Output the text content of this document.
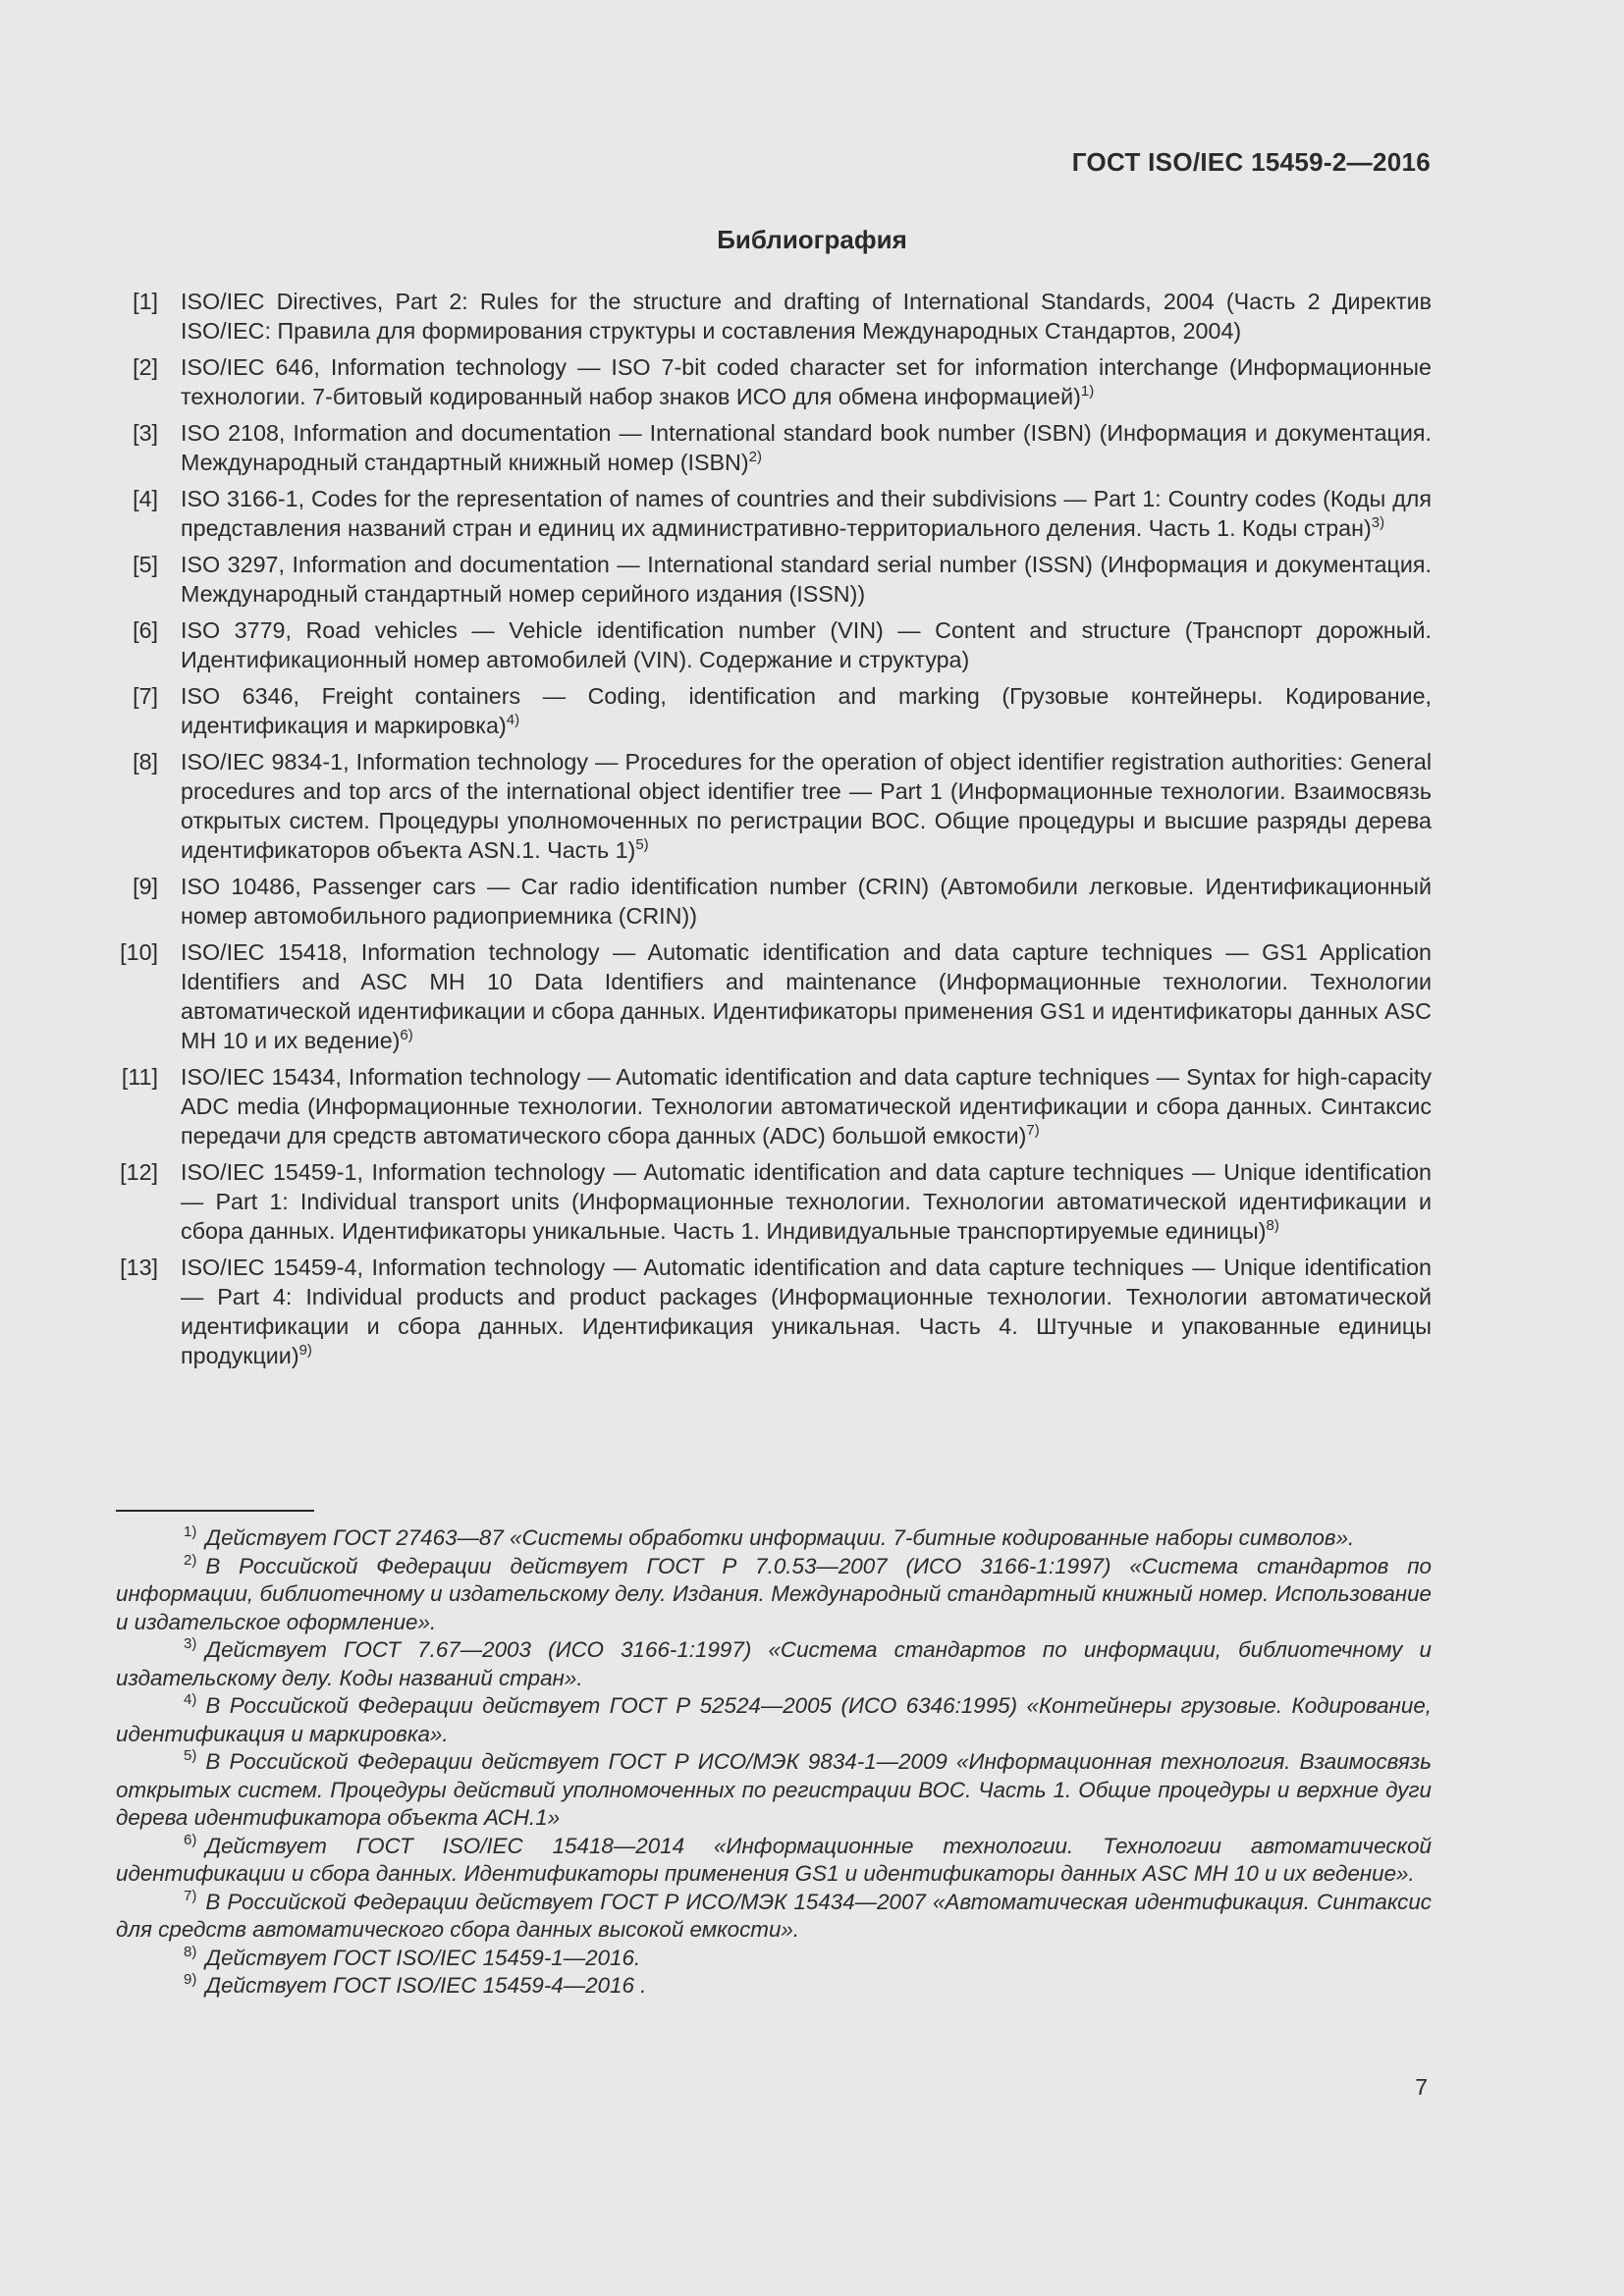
ГОСТ ISO/IEC 15459-2—2016
Библиография
[1] ISO/IEC Directives, Part 2: Rules for the structure and drafting of International Standards, 2004 (Часть 2 Директив ISO/IEC: Правила для формирования структуры и составления Международных Стандартов, 2004)
[2] ISO/IEC 646, Information technology — ISO 7-bit coded character set for information interchange (Информационные технологии. 7-битовый кодированный набор знаков ИСО для обмена информацией)$^{1)}$
[3] ISO 2108, Information and documentation — International standard book number (ISBN) (Информация и документация. Международный стандартный книжный номер (ISBN)$^{2)}$
[4] ISO 3166-1, Codes for the representation of names of countries and their subdivisions — Part 1: Country codes (Коды для представления названий стран и единиц их административно-территориального деления. Часть 1. Коды стран)$^{3)}$
[5] ISO 3297, Information and documentation — International standard serial number (ISSN) (Информация и документация. Международный стандартный номер серийного издания (ISSN))
[6] ISO 3779, Road vehicles — Vehicle identification number (VIN) — Content and structure (Транспорт дорожный. Идентификационный номер автомобилей (VIN). Содержание и структура)
[7] ISO 6346, Freight containers — Coding, identification and marking (Грузовые контейнеры. Кодирование, идентификация и маркировка)$^{4)}$
[8] ISO/IEC 9834-1, Information technology — Procedures for the operation of object identifier registration authorities: General procedures and top arcs of the international object identifier tree — Part 1 (Информационные технологии. Взаимосвязь открытых систем. Процедуры уполномоченных по регистрации ВОС. Общие процедуры и высшие разряды дерева идентификаторов объекта ASN.1. Часть 1)$^{5)}$
[9] ISO 10486, Passenger cars — Car radio identification number (CRIN) (Автомобили легковые. Идентификационный номер автомобильного радиоприемника (CRIN))
[10] ISO/IEC 15418, Information technology — Automatic identification and data capture techniques — GS1 Application Identifiers and ASC MH 10 Data Identifiers and maintenance (Информационные технологии. Технологии автоматической идентификации и сбора данных. Идентификаторы применения GS1 и идентификаторы данных ASC MH 10 и их ведение)$^{6)}$
[11] ISO/IEC 15434, Information technology — Automatic identification and data capture techniques — Syntax for high-capacity ADC media (Информационные технологии. Технологии автоматической идентификации и сбора данных. Синтаксис передачи для средств автоматического сбора данных (ADC) большой емкости)$^{7)}$
[12] ISO/IEC 15459-1, Information technology — Automatic identification and data capture techniques — Unique identification — Part 1: Individual transport units (Информационные технологии. Технологии автоматической идентификации и сбора данных. Идентификаторы уникальные. Часть 1. Индивидуальные транспортируемые единицы)$^{8)}$
[13] ISO/IEC 15459-4, Information technology — Automatic identification and data capture techniques — Unique identification — Part 4: Individual products and product packages (Информационные технологии. Технологии автоматической идентификации и сбора данных. Идентификация уникальная. Часть 4. Штучные и упакованные единицы продукции)$^{9)}$

$^{1)}$ Действует ГОСТ 27463—87 «Системы обработки информации. 7-битные кодированные наборы символов».

$^{2)}$ В Российской Федерации действует ГОСТ Р 7.0.53—2007 (ИСО 3166-1:1997) «Система стандартов по информации, библиотечному и издательскому делу. Издания. Международный стандартный книжный номер. Использование и издательское оформление».

$^{3)}$ Действует ГОСТ 7.67—2003 (ИСО 3166-1:1997) «Система стандартов по информации, библиотечному и издательскому делу. Коды названий стран».

$^{4)}$ В Российской Федерации действует ГОСТ Р 52524—2005 (ИСО 6346:1995) «Контейнеры грузовые. Кодирование, идентификация и маркировка».

$^{5)}$ В Российской Федерации действует ГОСТ Р ИСО/МЭК 9834-1—2009 «Информационная технология. Взаимосвязь открытых систем. Процедуры действий уполномоченных по регистрации ВОС. Часть 1. Общие процедуры и верхние дуги дерева идентификатора объекта АСН.1»

$^{6)}$ Действует ГОСТ ISO/IEC 15418—2014 «Информационные технологии. Технологии автоматической идентификации и сбора данных. Идентификаторы применения GS1 и идентификаторы данных ASC MH 10 и их ведение».

$^{7)}$ В Российской Федерации действует ГОСТ Р ИСО/МЭК 15434—2007 «Автоматическая идентификация. Синтаксис для средств автоматического сбора данных высокой емкости».

$^{8)}$ Действует ГОСТ ISO/IEC 15459-1—2016.

$^{9)}$ Действует ГОСТ ISO/IEC 15459-4—2016 .

7
